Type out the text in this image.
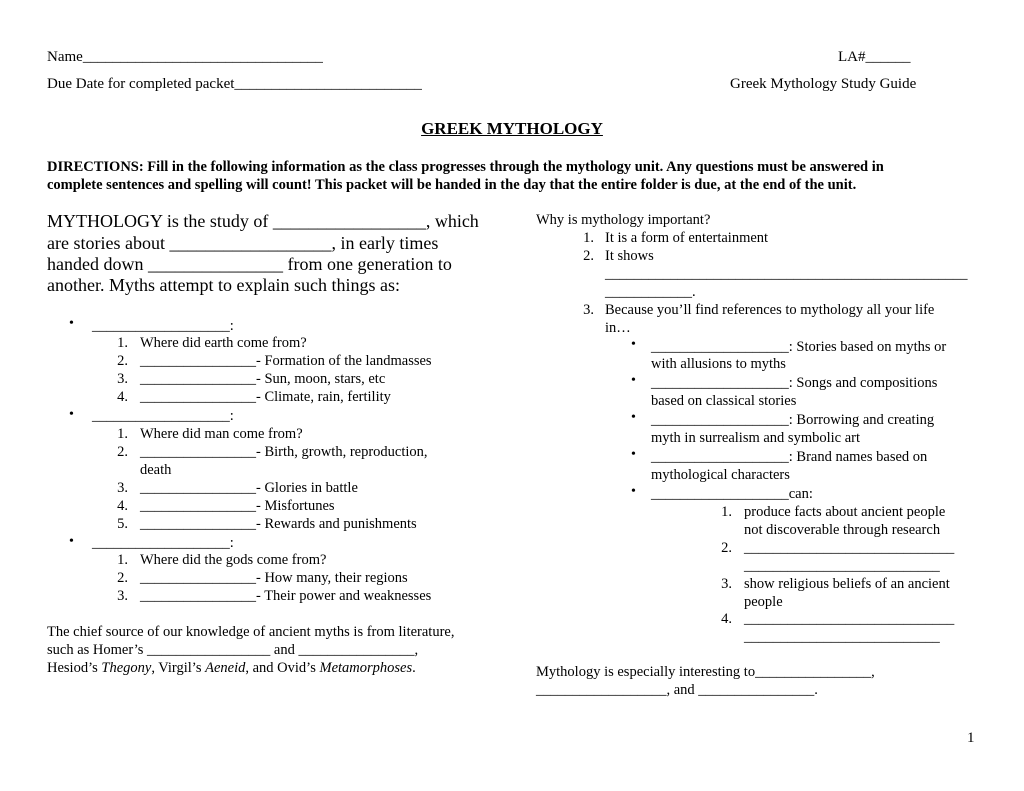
Name________________________________	LA#______
Due Date for completed packet_________________________	Greek Mythology Study Guide
GREEK MYTHOLOGY
DIRECTIONS: Fill in the following information as the class progresses through the mythology unit. Any questions must be answered in
complete sentences and spelling will count! This packet will be handed in the day that the entire folder is due, at the end of the unit.
MYTHOLOGY is the study of _________________, which
are stories about __________________, in early times
handed down _______________ from one generation to
another. Myths attempt to explain such things as:
• ___________________:
1. Where did earth come from?
2. ________________- Formation of the landmasses
3. ________________- Sun, moon, stars, etc
4. ________________- Climate, rain, fertility
• ___________________:
1. Where did man come from?
2. ________________- Birth, growth, reproduction,
death
3. ________________- Glories in battle
4. ________________- Misfortunes
5. ________________- Rewards and punishments
• ___________________:
1. Where did the gods come from?
2. ________________- How many, their regions
3. ________________- Their power and weaknesses
The chief source of our knowledge of ancient myths is from literature,
such as Homer’s _________________ and ________________,
Hesiod’s Thegony, Virgil’s Aeneid, and Ovid’s Metamorphoses.
Why is mythology important?
1. It is a form of entertainment
2. It shows
__________________________________________________
____________.
3. Because you’ll find references to mythology all your life
in…
• ___________________: Stories based on myths or
with allusions to myths
• ___________________: Songs and compositions
based on classical stories
• ___________________: Borrowing and creating
myth in surrealism and symbolic art
• ___________________: Brand names based on
mythological characters
• ___________________can:
1. produce facts about ancient people
not discoverable through research
2. _____________________________
___________________________
3. show religious beliefs of an ancient
people
4. _____________________________
___________________________
Mythology is especially interesting to________________,
__________________, and ________________.
1
